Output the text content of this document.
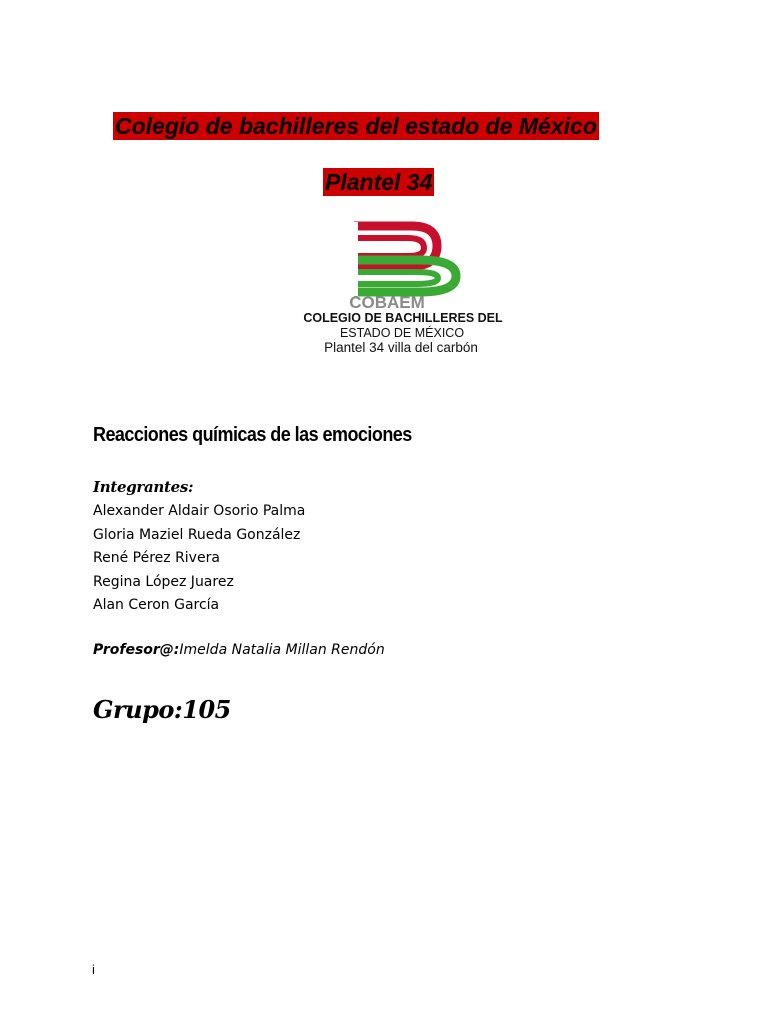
Colegio de bachilleres del estado de México
Plantel 34
COBAEM
COLEGIO DE BACHILLERES DEL
ESTADO DE MÉXICO
Plantel 34 villa del carbón
Reacciones químicas de las emociones
Integrantes:
Alexander Aldair Osorio Palma
Gloria Maziel Rueda González
René Pérez Rivera
Regina López Juarez
Alan Ceron García
Profesor@:Imelda Natalia Millan Rendón
Grupo:105
i
